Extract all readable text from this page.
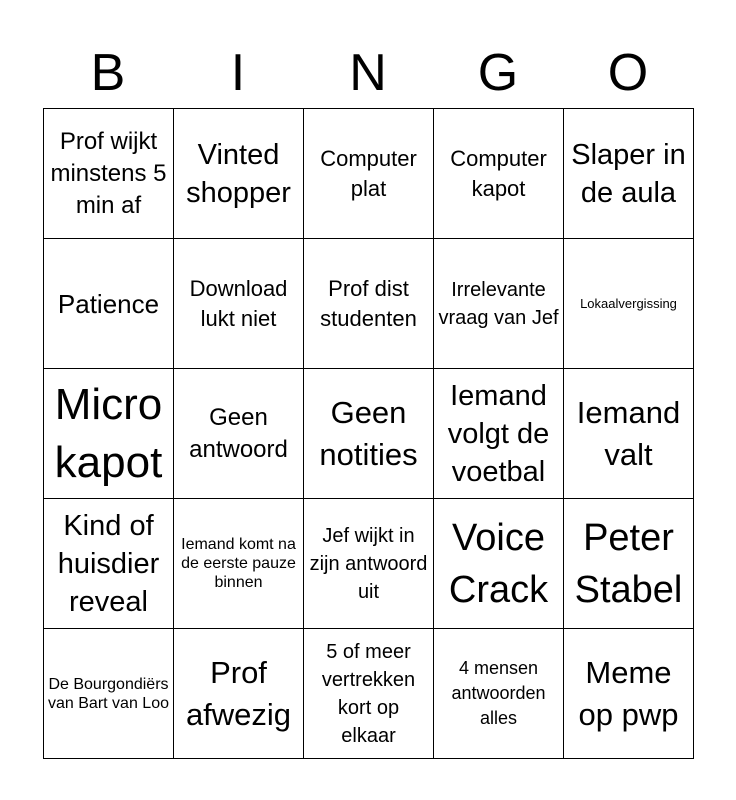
B	I	N	G	O
Prof wijkt minstens 5 min af
Vinted shopper
Computer plat
Computer kapot
Slaper in de aula
Patience
Download lukt niet
Prof dist studenten
Irrelevante vraag van Jef
Lokaalvergissing
Micro kapot
Geen antwoord
Geen notities
Iemand volgt de voetbal
Iemand valt
Kind of huisdier reveal
Iemand komt na de eerste pauze binnen
Jef wijkt in zijn antwoord uit
Voice Crack
Peter Stabel
De Bourgondiërs van Bart van Loo
Prof afwezig
5 of meer vertrekken kort op elkaar
4 mensen antwoorden alles
Meme op pwp
